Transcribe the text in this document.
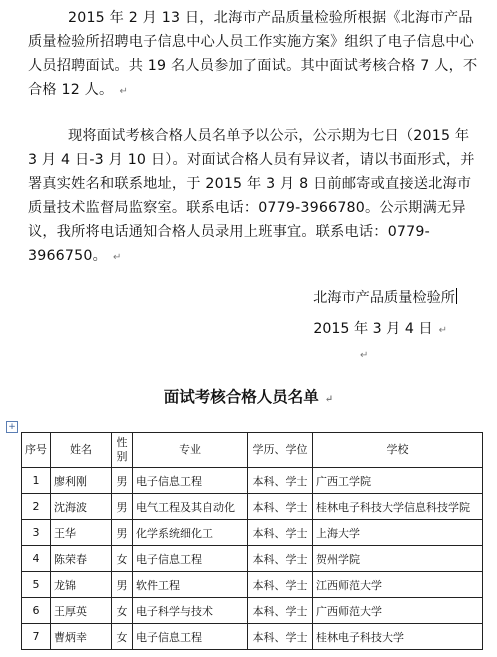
2015 年 2 月 13 日，北海市产品质量检验所根据《北海市产品质量检验所招聘电子信息中心人员工作实施方案》组织了电子信息中心人员招聘面试。共 19 名人员参加了面试。其中面试考核合格 7 人，不合格 12 人。 ↵
现将面试考核合格人员名单予以公示，公示期为七日（2015 年 3 月 4 日-3 月 10 日）。对面试合格人员有异议者，请以书面形式，并署真实姓名和联系地址，于 2015 年 3 月 8 日前邮寄或直接送北海市质量技术监督局监察室。联系电话：0779-3966780。公示期满无异议，我所将电话通知合格人员录用上班事宜。联系电话：0779-3966750。 ↵
北海市产品质量检验所
2015 年 3 月 4 日 ↵
↵
面试考核合格人员名单 ↵
+
序号	姓名	性别	专业	学历、学位	学校
1	廖利刚	男	电子信息工程	本科、学士	广西工学院
2	沈海波	男	电气工程及其自动化	本科、学士	桂林电子科技大学信息科技学院
3	王华	男	化学系统细化工	本科、学士	上海大学
4	陈荣春	女	电子信息工程	本科、学士	贺州学院
5	龙锦	男	软件工程	本科、学士	江西师范大学
6	王厚英	女	电子科学与技术	本科、学士	广西师范大学
7	曹炳幸	女	电子信息工程	本科、学士	桂林电子科技大学
